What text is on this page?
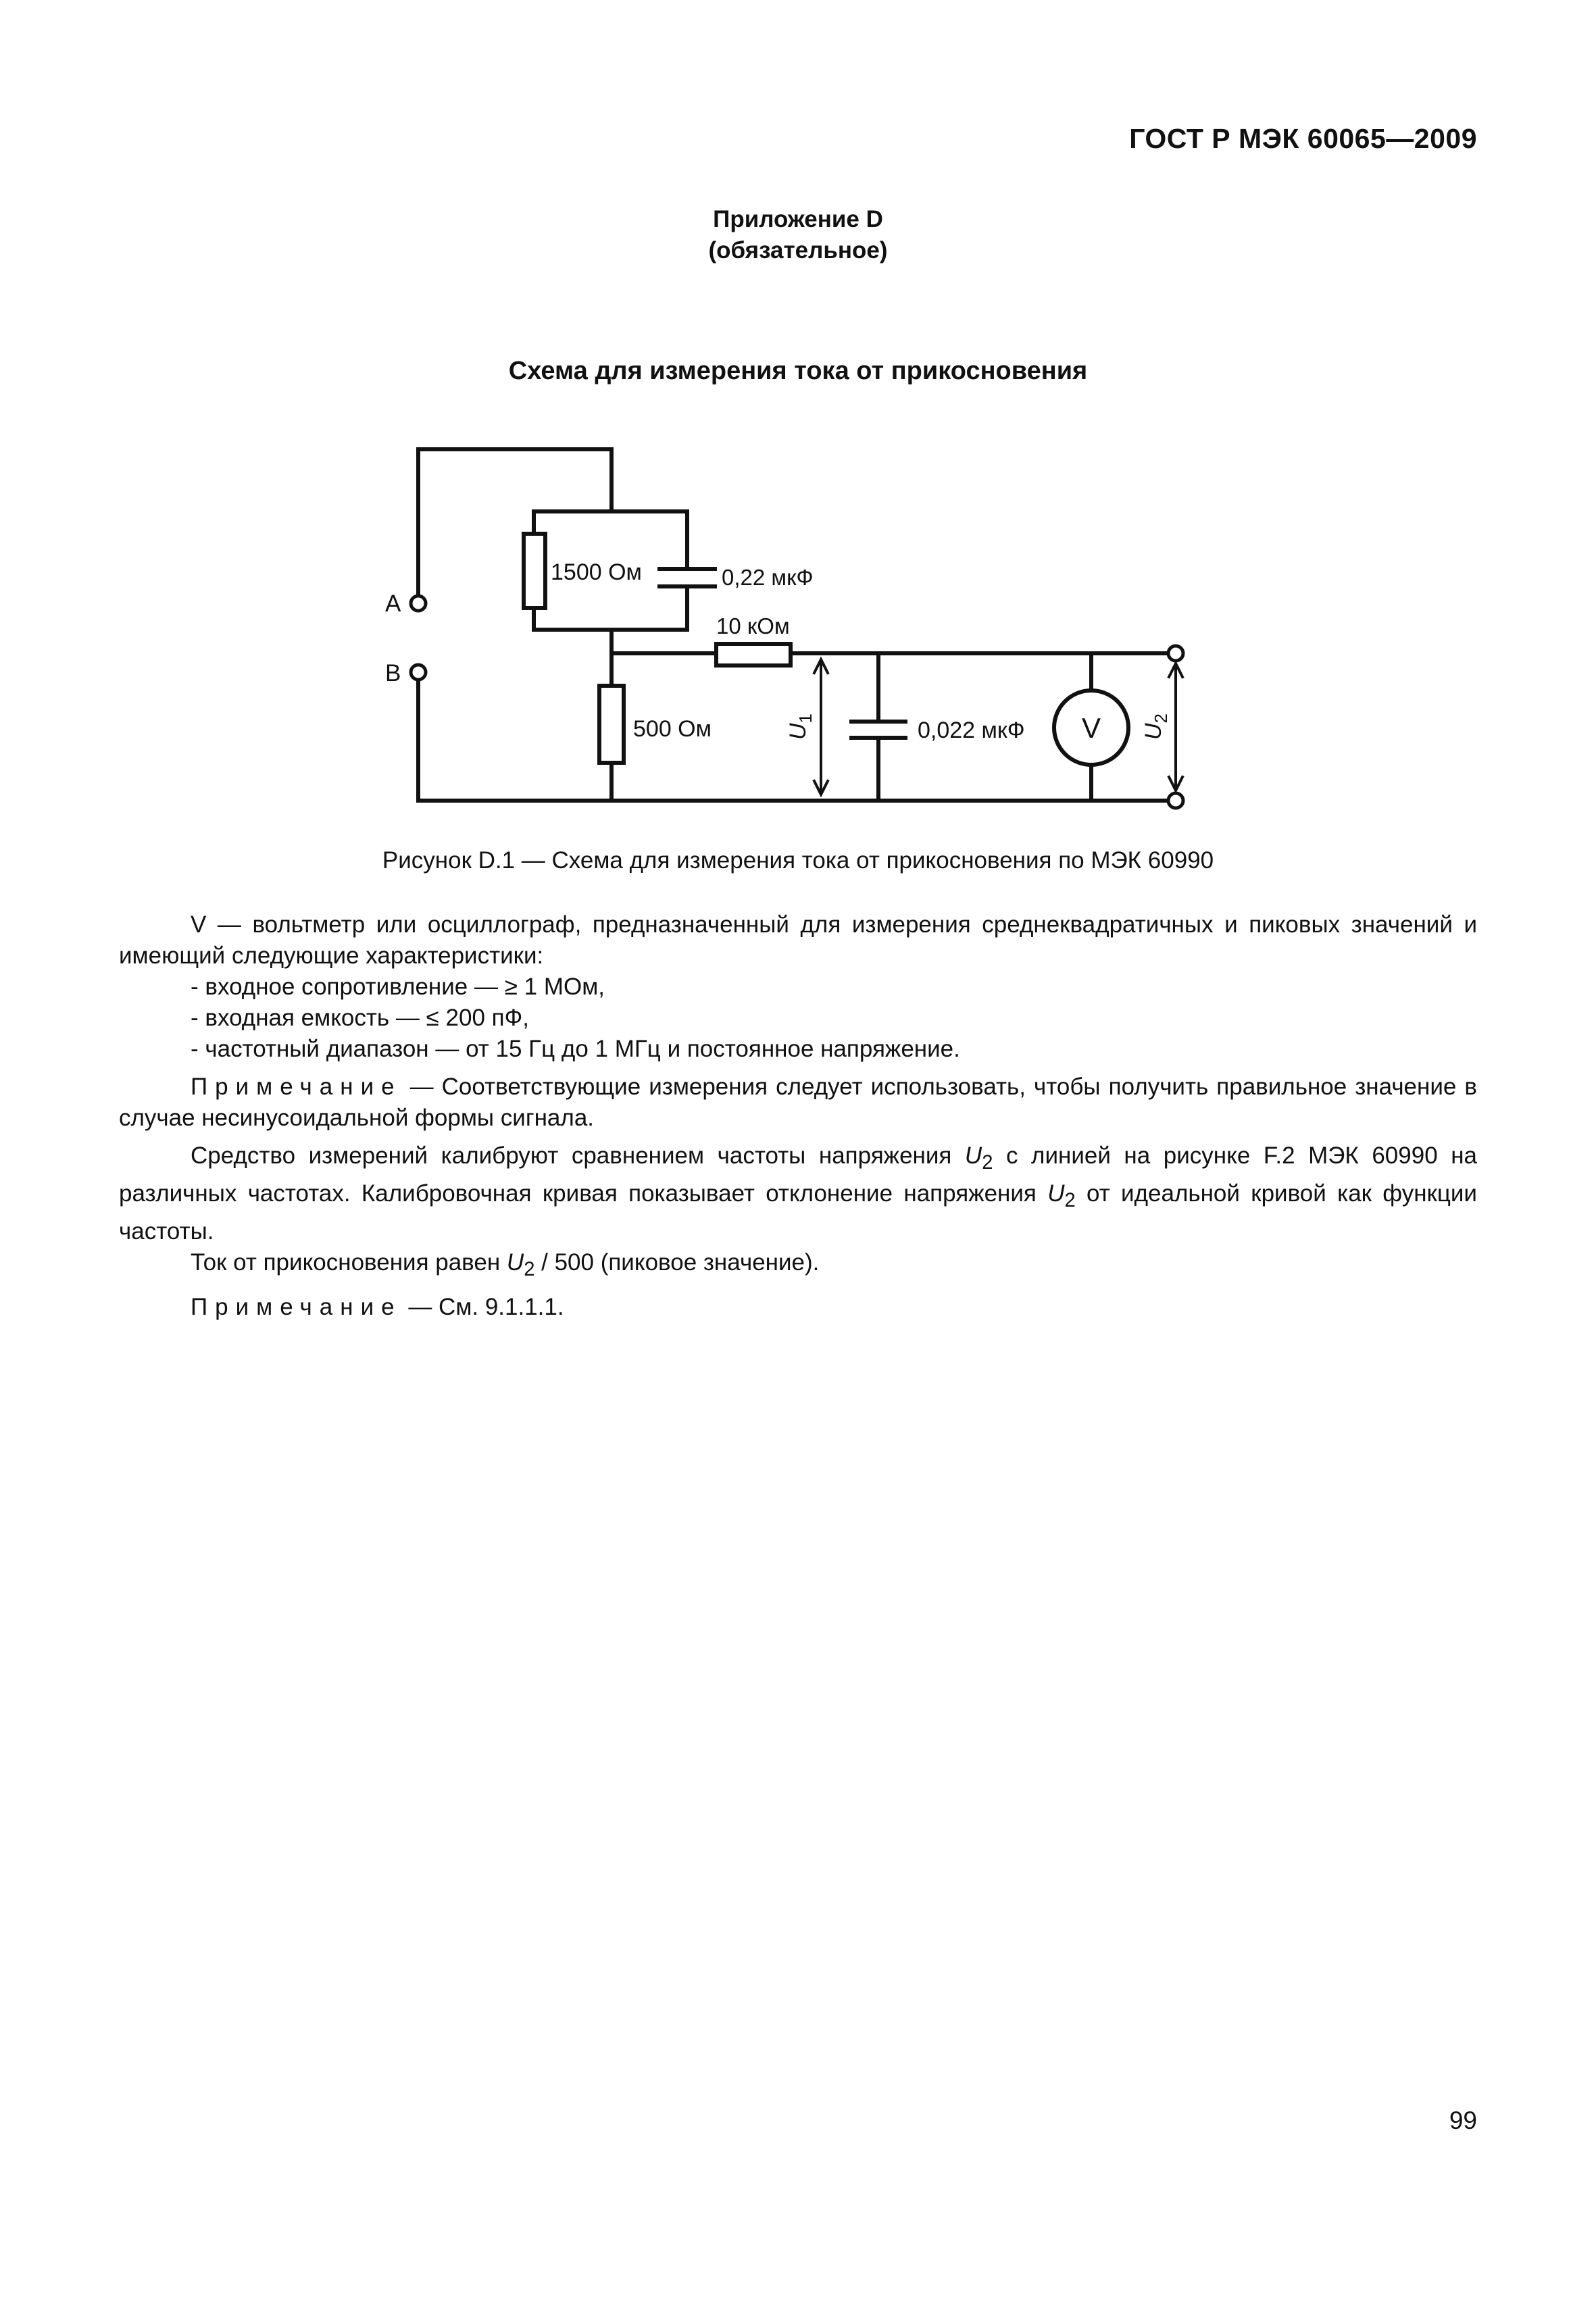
ГОСТ Р МЭК 60065—2009
Приложение D
(обязательное)
Схема для измерения тока от прикосновения
A
B
1500 Ом	0,22 мкФ
10 кОм
500 Ом	0,022 мкФ V
$U_1$
$U_2$
Рисунок D.1 — Схема для измерения тока от прикосновения по МЭК 60990

V — вольтметр или осциллограф, предназначенный для измерения среднеквадратичных и пиковых значений и имеющий следующие характеристики:

- входное сопротивление — ≥ 1 МОм,

- входная емкость — ≤ 200 пФ,

- частотный диапазон — от 15 Гц до 1 МГц и постоянное напряжение.

Примечание — Соответствующие измерения следует использовать, чтобы получить правильное значение в случае несинусоидальной формы сигнала.

Средство измерений калибруют сравнением частоты напряжения $U_2$ с линией на рисунке F.2 МЭК 60990 на различных частотах. Калибровочная кривая показывает отклонение напряжения $U_2$ от идеальной кривой как функции частоты.

Ток от прикосновения равен $U_2 / 500$ (пиковое значение).

Примечание — См. 9.1.1.1.

99
